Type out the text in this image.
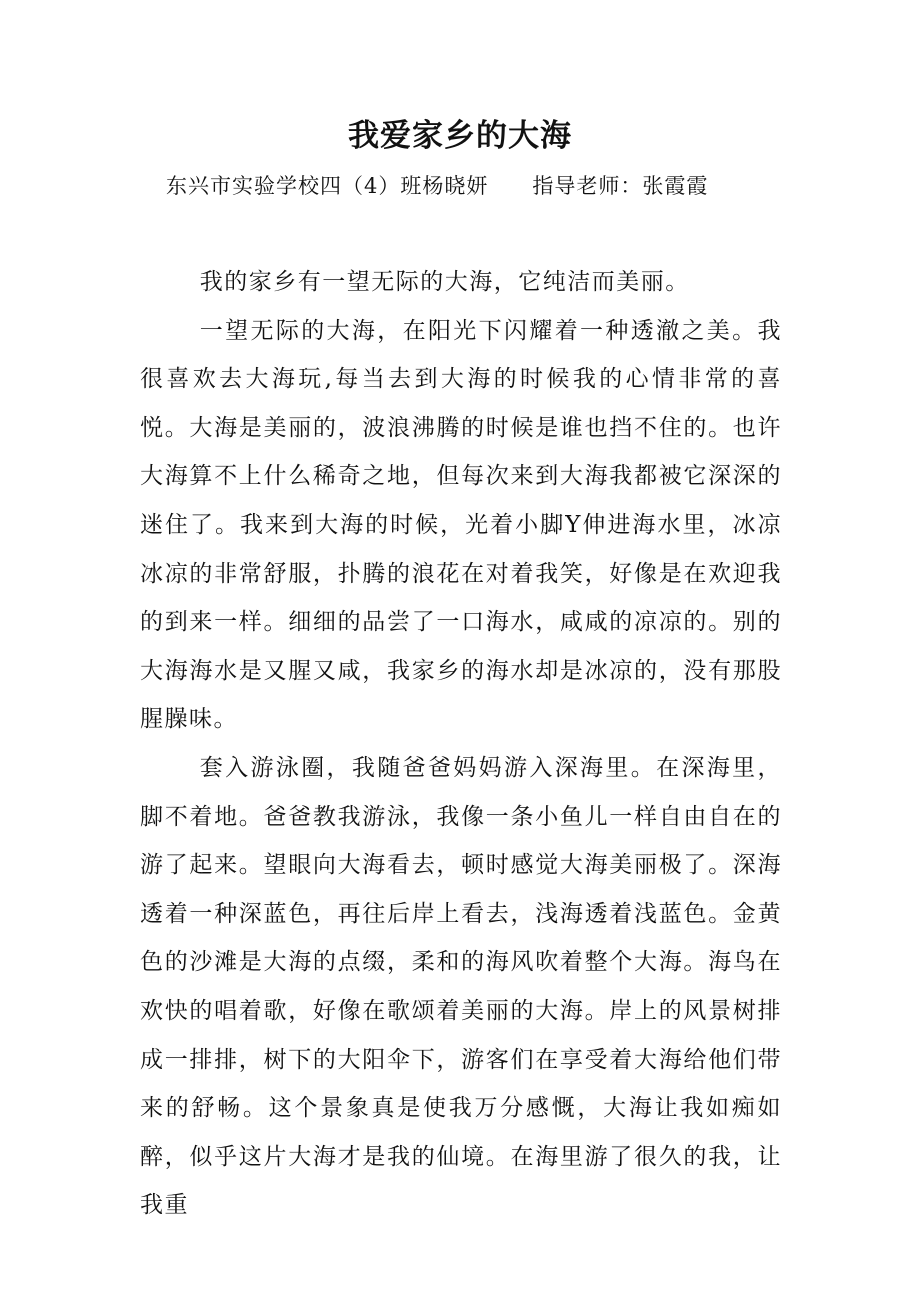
我爱家乡的大海

东兴市实验学校四（4）班杨晓妍 指导老师：张霞霞

我的家乡有一望无际的大海，它纯洁而美丽。

一望无际的大海，在阳光下闪耀着一种透澈之美。我很喜欢去大海玩,每当去到大海的时候我的心情非常的喜悦。大海是美丽的，波浪沸腾的时候是谁也挡不住的。也许大海算不上什么稀奇之地，但每次来到大海我都被它深深的迷住了。我来到大海的时候，光着小脚Y伸进海水里，冰凉冰凉的非常舒服，扑腾的浪花在对着我笑，好像是在欢迎我的到来一样。细细的品尝了一口海水，咸咸的凉凉的。别的大海海水是又腥又咸，我家乡的海水却是冰凉的，没有那股腥臊味。

套入游泳圈，我随爸爸妈妈游入深海里。在深海里，脚不着地。爸爸教我游泳，我像一条小鱼儿一样自由自在的游了起来。望眼向大海看去，顿时感觉大海美丽极了。深海透着一种深蓝色，再往后岸上看去，浅海透着浅蓝色。金黄色的沙滩是大海的点缀，柔和的海风吹着整个大海。海鸟在欢快的唱着歌，好像在歌颂着美丽的大海。岸上的风景树排成一排排，树下的大阳伞下，游客们在享受着大海给他们带来的舒畅。这个景象真是使我万分感慨，大海让我如痴如醉，似乎这片大海才是我的仙境。在海里游了很久的我，让我重
